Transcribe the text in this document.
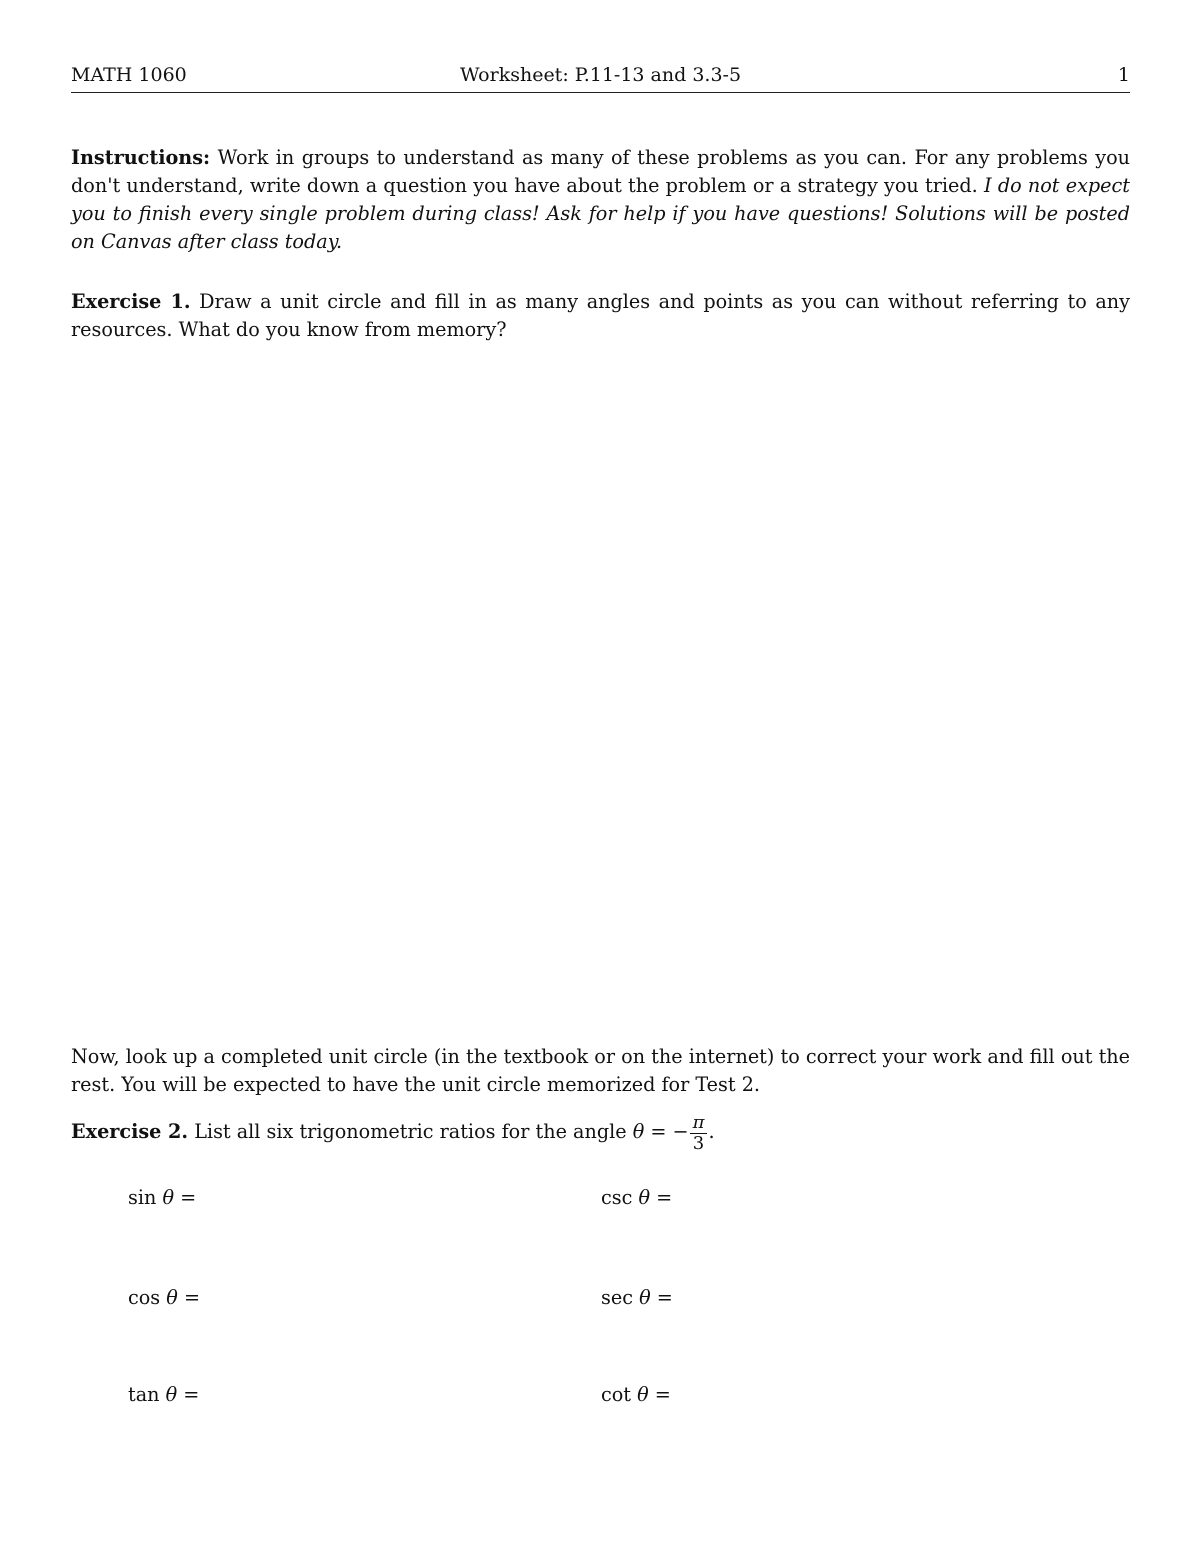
MATH 1060	Worksheet: P.11-13 and 3.3-5	1
Instructions: Work in groups to understand as many of these problems as you can. For any problems you don't understand, write down a question you have about the problem or a strategy you tried. I do not expect you to finish every single problem during class! Ask for help if you have questions! Solutions will be posted on Canvas after class today.
Exercise 1. Draw a unit circle and fill in as many angles and points as you can without referring to any resources. What do you know from memory?
Now, look up a completed unit circle (in the textbook or on the internet) to correct your work and fill out the rest. You will be expected to have the unit circle memorized for Test 2.
Exercise 2. List all six trigonometric ratios for the angle θ = − $\frac{\pi}{3}$ .
sin θ =	csc θ =
cos θ =	sec θ =
tan θ =	cot θ =
